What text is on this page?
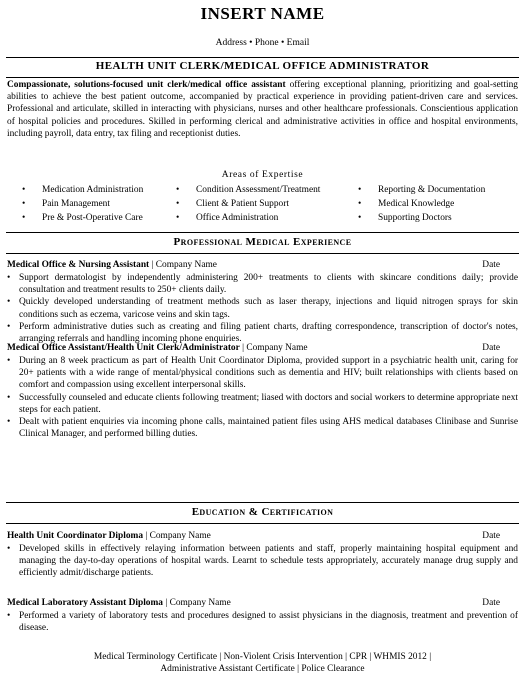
INSERT NAME
Address • Phone • Email
HEALTH UNIT CLERK/MEDICAL OFFICE ADMINISTRATOR
Compassionate, solutions-focused unit clerk/medical office assistant offering exceptional planning, prioritizing and goal-setting abilities to achieve the best patient outcome, accompanied by practical experience in providing patient-driven care and services. Professional and articulate, skilled in interacting with physicians, nurses and other healthcare professionals. Conscientious application of hospital policies and procedures. Skilled in performing clerical and administrative activities in office and hospital environments, including payroll, data entry, tax filing and receptionist duties.
Areas of Expertise
• Medication Administration
• Pain Management
• Pre & Post-Operative Care
• Condition Assessment/Treatment
• Client & Patient Support
• Office Administration
• Reporting & Documentation
• Medical Knowledge
• Supporting Doctors
Professional Medical Experience
Medical Office & Nursing Assistant | Company Name	Date
• Support dermatologist by independently administering 200+ treatments to clients with skincare conditions daily; provide consultation and treatment results to 250+ clients daily.
• Quickly developed understanding of treatment methods such as laser therapy, injections and liquid nitrogen sprays for skin conditions such as eczema, varicose veins and skin tags.
• Perform administrative duties such as creating and filing patient charts, drafting correspondence, transcription of doctor's notes, arranging referrals and handling incoming phone enquiries.
Medical Office Assistant/Health Unit Clerk/Administrator | Company Name	Date
• During an 8 week practicum as part of Health Unit Coordinator Diploma, provided support in a psychiatric health unit, caring for 20+ patients with a wide range of mental/physical conditions such as dementia and HIV; built relationships with clients based on comfort and compassion using excellent interpersonal skills.
• Successfully counseled and educate clients following treatment; liased with doctors and social workers to determine appropriate next steps for each patient.
• Dealt with patient enquiries via incoming phone calls, maintained patient files using AHS medical databases Clinibase and Sunrise Clinical Manager, and performed billing duties.
Education & Certification
Health Unit Coordinator Diploma | Company Name	Date
• Developed skills in effectively relaying information between patients and staff, properly maintaining hospital equipment and managing the day-to-day operations of hospital wards. Learnt to schedule tests appropriately, accurately manage drug supply and efficiently admit/discharge patients.
Medical Laboratory Assistant Diploma | Company Name	Date
• Performed a variety of laboratory tests and procedures designed to assist physicians in the diagnosis, treatment and prevention of disease.
Medical Terminology Certificate | Non-Violent Crisis Intervention | CPR | WHMIS 2012 |
Administrative Assistant Certificate | Police Clearance
